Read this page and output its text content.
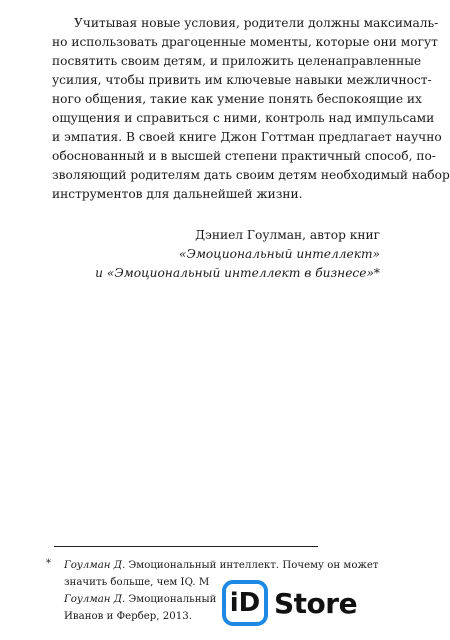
Учитывая новые условия, родители должны максималь-
но использовать драгоценные моменты, которые они могут
посвятить своим детям, и приложить целенаправленные
усилия, чтобы привить им ключевые навыки межличност-
ного общения, такие как умение понять беспокоящие их
ощущения и справиться с ними, контроль над импульсами
и эмпатия. В своей книге Джон Готтман предлагает научно
обоснованный и в высшей степени практичный способ, по-
зволяющий родителям дать своим детям необходимый набор
инструментов для дальнейшей жизни.
Дэниел Гоулман, автор книг
«Эмоциональный интеллект»
и «Эмоциональный интеллект в бизнесе»*
*	Гоулман Д. Эмоциональный интеллект. Почему он может
значить больше, чем IQ. М
Гоулман Д. Эмоциональный
Иванов и Фербер, 2013.	iD Store
